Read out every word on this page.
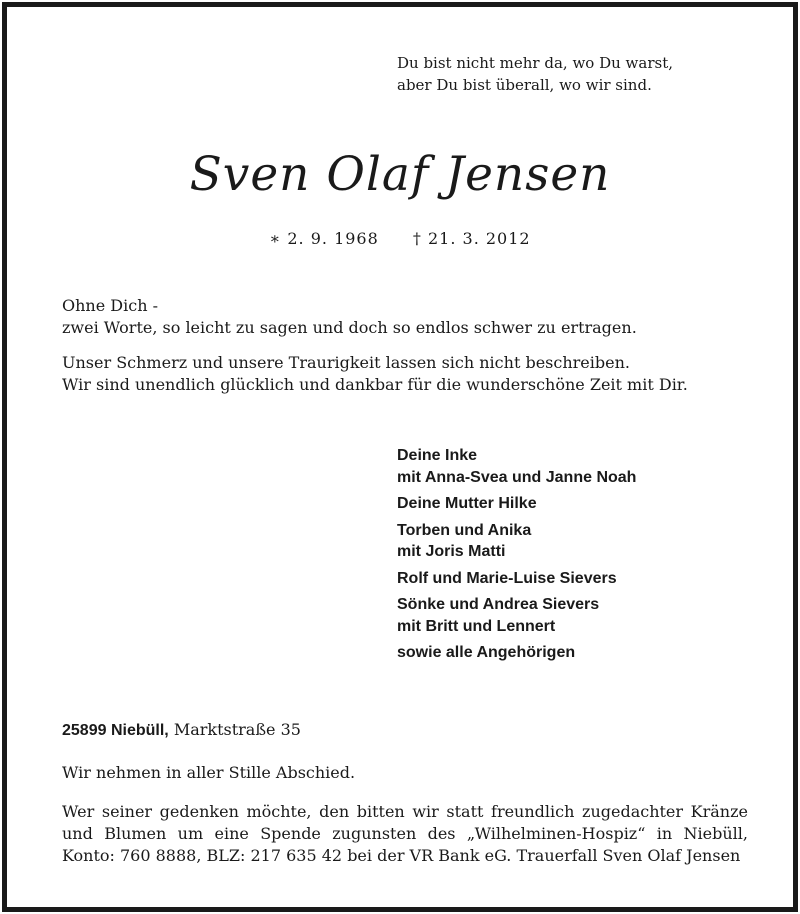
Du bist nicht mehr da, wo Du warst,
aber Du bist überall, wo wir sind.
Sven Olaf Jensen
∗ 2. 9. 1968 † 21. 3. 2012
Ohne Dich -
zwei Worte, so leicht zu sagen und doch so endlos schwer zu ertragen.
Unser Schmerz und unsere Traurigkeit lassen sich nicht beschreiben.
Wir sind unendlich glücklich und dankbar für die wunderschöne Zeit mit Dir.
Deine Inke
mit Anna-Svea und Janne Noah
Deine Mutter Hilke
Torben und Anika
mit Joris Matti
Rolf und Marie-Luise Sievers
Sönke und Andrea Sievers
mit Britt und Lennert
sowie alle Angehörigen
25899 Niebüll, Marktstraße 35
Wir nehmen in aller Stille Abschied.
Wer seiner gedenken möchte, den bitten wir statt freundlich zugedachter Kränze und Blumen um eine Spende zugunsten des „Wilhelminen-Hospiz“ in Niebüll, Konto: 760 8888, BLZ: 217 635 42 bei der VR Bank eG. Trauerfall Sven Olaf Jensen
